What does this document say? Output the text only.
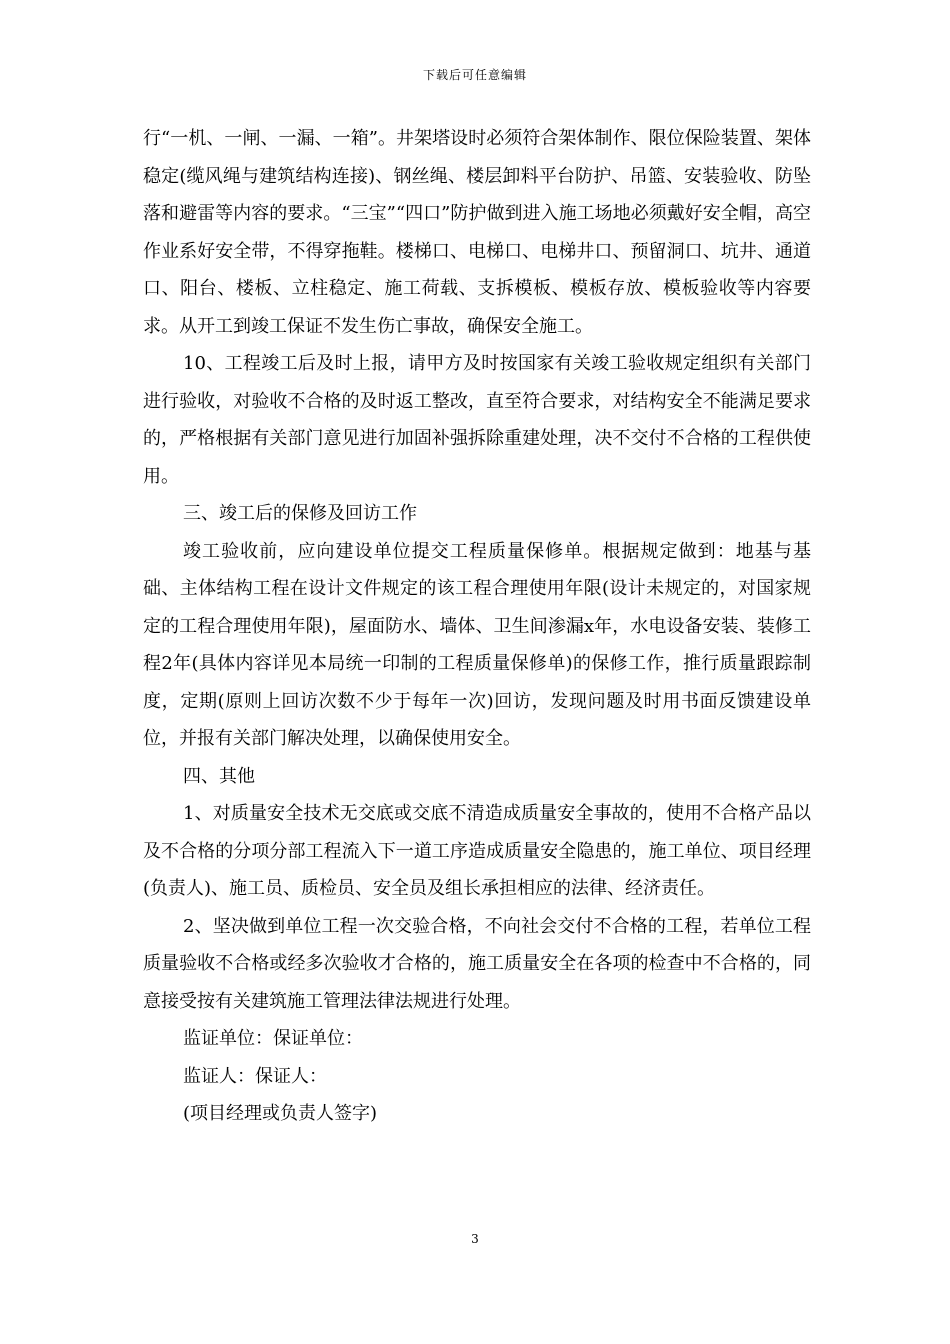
下载后可任意编辑

行“一机、一闸、一漏、一箱”。井架塔设时必须符合架体制作、限位保险装置、架体稳定(缆风绳与建筑结构连接)、钢丝绳、楼层卸料平台防护、吊篮、安装验收、防坠落和避雷等内容的要求。“三宝”“四口”防护做到进入施工场地必须戴好安全帽，高空作业系好安全带，不得穿拖鞋。楼梯口、电梯口、电梯井口、预留洞口、坑井、通道口、阳台、楼板、立柱稳定、施工荷载、支拆模板、模板存放、模板验收等内容要求。从开工到竣工保证不发生伤亡事故，确保安全施工。

10、工程竣工后及时上报，请甲方及时按国家有关竣工验收规定组织有关部门进行验收，对验收不合格的及时返工整改，直至符合要求，对结构安全不能满足要求的，严格根据有关部门意见进行加固补强拆除重建处理，决不交付不合格的工程供使用。

三、竣工后的保修及回访工作

竣工验收前，应向建设单位提交工程质量保修单。根据规定做到：地基与基础、主体结构工程在设计文件规定的该工程合理使用年限(设计未规定的，对国家规定的工程合理使用年限)，屋面防水、墙体、卫生间渗漏x年，水电设备安装、装修工程2年(具体内容详见本局统一印制的工程质量保修单)的保修工作，推行质量跟踪制度，定期(原则上回访次数不少于每年一次)回访，发现问题及时用书面反馈建设单位，并报有关部门解决处理，以确保使用安全。

四、其他

1、对质量安全技术无交底或交底不清造成质量安全事故的，使用不合格产品以及不合格的分项分部工程流入下一道工序造成质量安全隐患的，施工单位、项目经理(负责人)、施工员、质检员、安全员及组长承担相应的法律、经济责任。

2、坚决做到单位工程一次交验合格，不向社会交付不合格的工程，若单位工程质量验收不合格或经多次验收才合格的，施工质量安全在各项的检查中不合格的，同意接受按有关建筑施工管理法律法规进行处理。

监证单位：保证单位：

监证人：保证人：

(项目经理或负责人签字)

3
